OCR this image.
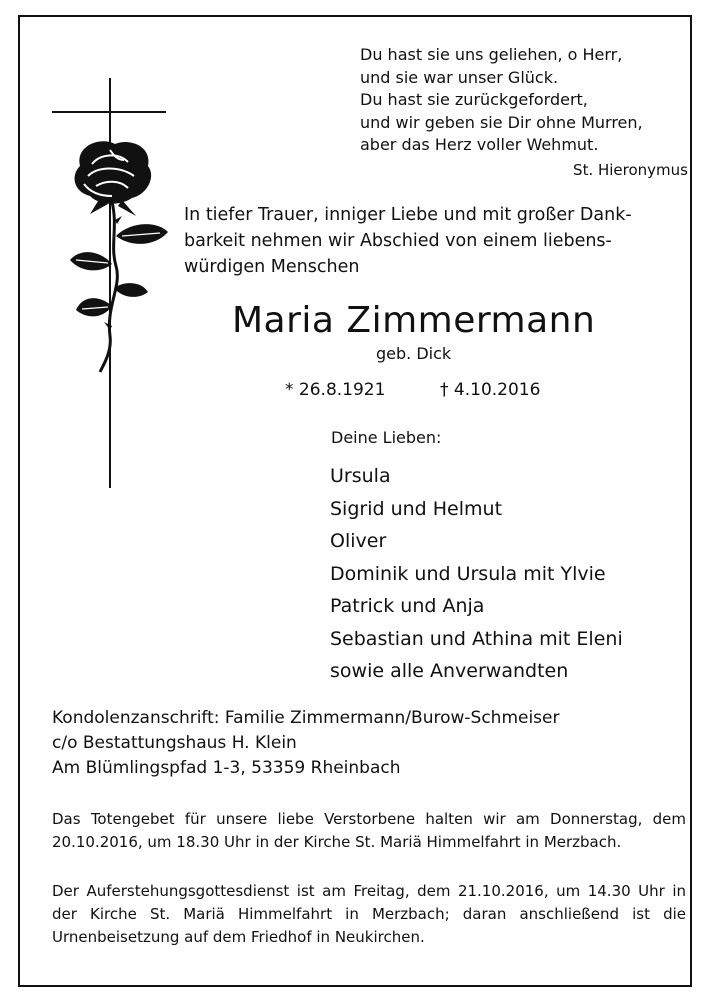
Du hast sie uns geliehen, o Herr,
und sie war unser Glück.
Du hast sie zurückgefordert,
und wir geben sie Dir ohne Murren,
aber das Herz voller Wehmut.
St. Hieronymus
In tiefer Trauer, inniger Liebe und mit großer Dank-
barkeit nehmen wir Abschied von einem liebens-
würdigen Menschen
Maria Zimmermann
geb. Dick
* 26.8.1921	† 4.10.2016
Deine Lieben:
Ursula
Sigrid und Helmut
Oliver
Dominik und Ursula mit Ylvie
Patrick und Anja
Sebastian und Athina mit Eleni
sowie alle Anverwandten
Kondolenzanschrift: Familie Zimmermann/Burow-Schmeiser
c/o Bestattungshaus H. Klein
Am Blümlingspfad 1-3, 53359 Rheinbach
Das Totengebet für unsere liebe Verstorbene halten wir am Donnerstag, dem 20.10.2016, um 18.30 Uhr in der Kirche St. Mariä Himmelfahrt in Merzbach.
Der Auferstehungsgottesdienst ist am Freitag, dem 21.10.2016, um 14.30 Uhr in der Kirche St. Mariä Himmelfahrt in Merzbach; daran anschließend ist die Urnenbeisetzung auf dem Friedhof in Neukirchen.
